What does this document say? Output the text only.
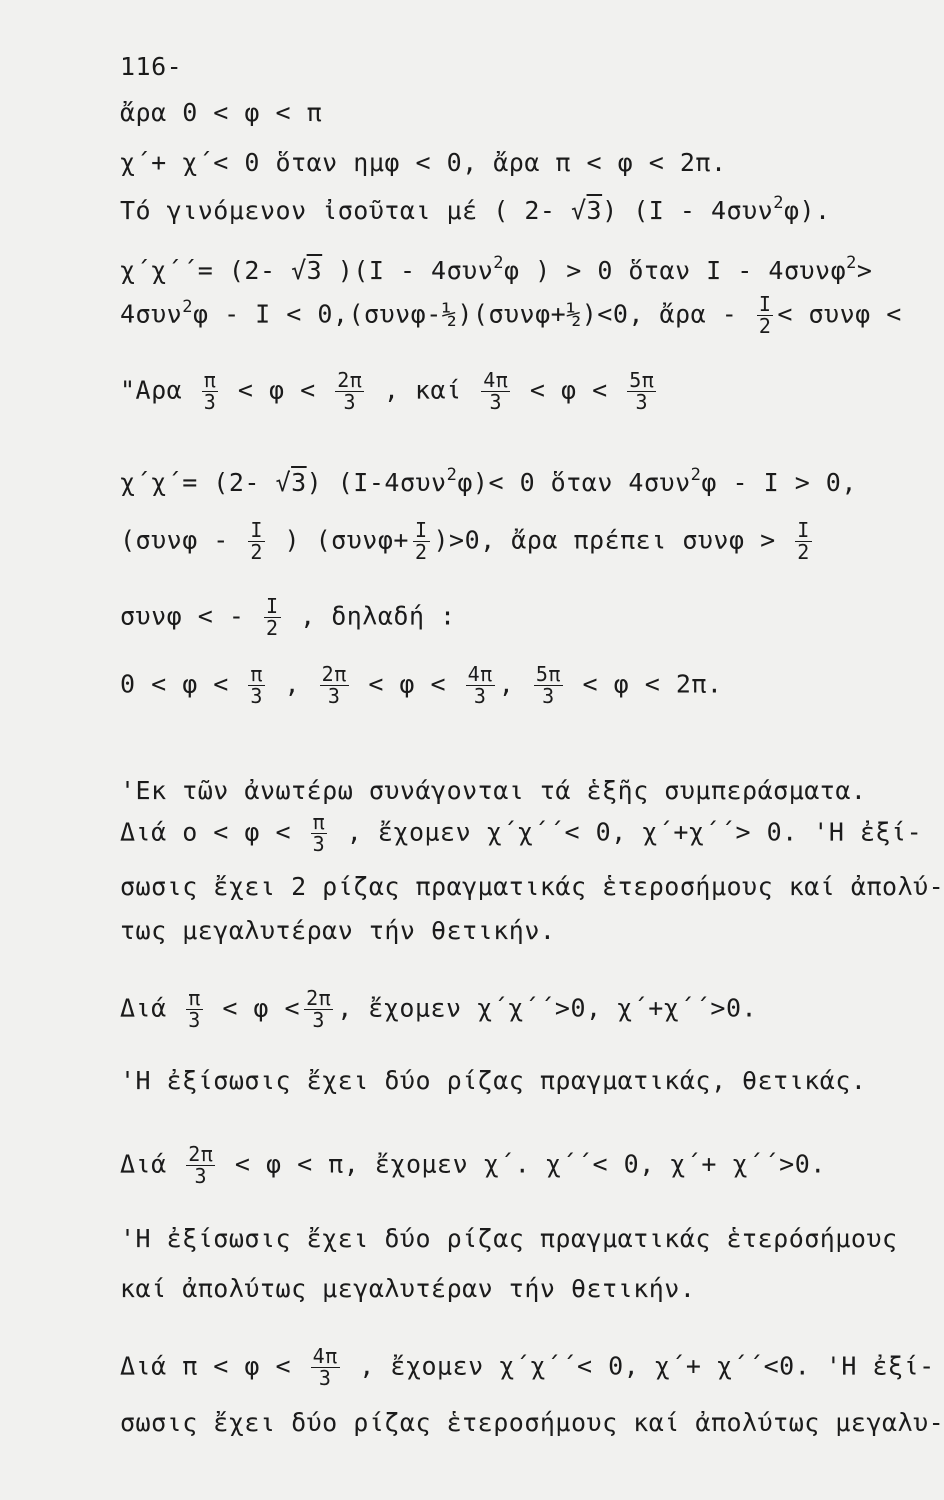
116-
ἄρα 0 < φ < π
χ΄+ χ΄< 0 ὅταν ημφ < 0, ἄρα π < φ < 2π.
Τό γινόμενον ἰσοῦται μέ ( 2- √3) (Ι - 4συν$^2$φ).
χ΄χ΄΄= (2- √3 )(Ι - 4συν$^2$φ ) > 0 ὅταν Ι - 4συνφ$^2$>
4συν$^2$φ - Ι < 0,(συνφ-½)(συνφ+½)<0, ἄρα - $\frac{I}{2} < \sigma\upsilon\nu\varphi$ <
"$A\rho\alpha \frac{\pi}{3} < \varphi < \frac{2\pi}{3}$ , καί $\frac{4\pi}{3} < \varphi < \frac{5\pi}{3}$
χ΄χ΄= (2- √3) (Ι-4συν$^2$φ)< 0 ὅταν 4συν$^2$φ - Ι > 0,
($\sigma\upsilon\nu\varphi - \frac{I}{2}$ ) $(\sigma\upsilon\nu\varphi+ \frac{I}{2} )>0$, ἄρα πρέπει $\sigma\upsilon\nu\varphi > \frac{I}{2}$
συνφ < - $\frac{I}{2}$ , δηλαδή :
$0 < \varphi < \frac{\pi}{3}$ , $\frac{2\pi}{3} < \varphi < \frac{4\pi}{3}$ , $\frac{5\pi}{3} < \varphi < 2\pi$.
'Εκ τῶν ἀνωτέρω συνάγονται τά ἑξῆς συμπεράσματα.
Διά $o < \varphi < \frac{\pi}{3}$ , ἔχομεν χ΄χ΄΄< 0, χ΄+χ΄΄> 0. 'Η ἐξί-
σωσις ἔχει 2 ρίζας πραγματικάς ἑτεροσήμους καί ἀπολύ-
τως μεγαλυτέραν τήν θετικήν.
Διά $\frac{\pi}{3} < \varphi < \frac{2\pi}{3}$ , ἔχομεν χ΄χ΄΄>0, χ΄+χ΄΄>0.
'Η ἐξίσωσις ἔχει δύο ρίζας πραγματικάς, θετικάς.
Διά $\frac{2\pi}{3} < \varphi < \pi$, ἔχομεν χ΄. χ΄΄< 0, χ΄+ χ΄΄>0.
'Η ἐξίσωσις ἔχει δύο ρίζας πραγματικάς ἑτερόσήμους
καί ἀπολύτως μεγαλυτέραν τήν θετικήν.
Διά $\pi < \varphi < \frac{4\pi}{3}$ , ἔχομεν χ΄χ΄΄< 0, χ΄+ χ΄΄<0. 'Η ἐξί-
σωσις ἔχει δύο ρίζας ἑτεροσήμους καί ἀπολύτως μεγαλυ-
